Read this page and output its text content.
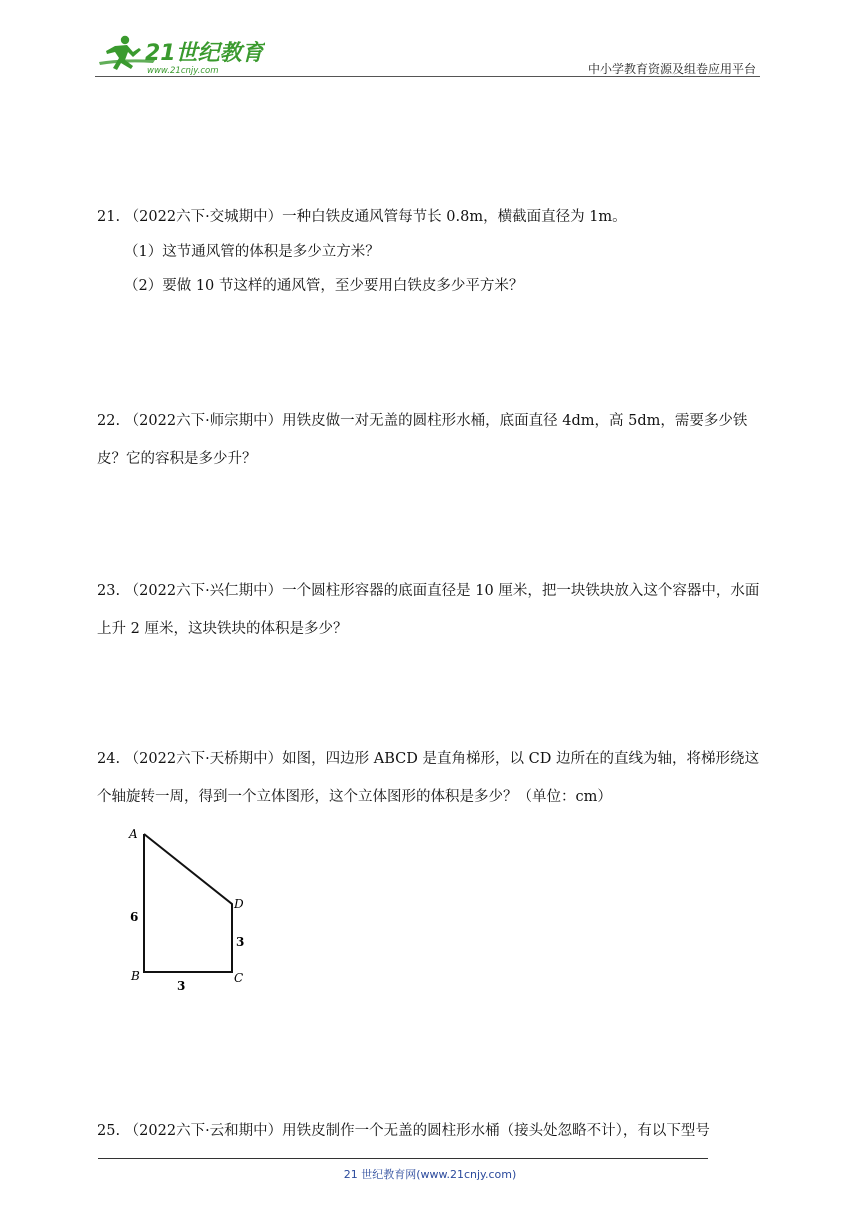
21世纪教育
www.21cnjy.com	中小学教育资源及组卷应用平台

21. （2022六下·交城期中）一种白铁皮通风管每节长 0.8m，横截面直径为 1m。

（1）这节通风管的体积是多少立方米？

（2）要做 10 节这样的通风管，至少要用白铁皮多少平方米？

22. （2022六下·师宗期中）用铁皮做一对无盖的圆柱形水桶，底面直径 4dm，高 5dm，需要多少铁皮？它的容积是多少升？

23. （2022六下·兴仁期中）一个圆柱形容器的底面直径是 10 厘米，把一块铁块放入这个容器中，水面上升 2 厘米，这块铁块的体积是多少？

24. （2022六下·天桥期中）如图，四边形 ABCD 是直角梯形，以 CD 边所在的直线为轴，将梯形绕这个轴旋转一周，得到一个立体图形，这个立体图形的体积是多少？（单位：cm）

A
D
B	C
6
3
3

25. （2022六下·云和期中）用铁皮制作一个无盖的圆柱形水桶（接头处忽略不计），有以下型号

21 世纪教育网(www.21cnjy.com)
